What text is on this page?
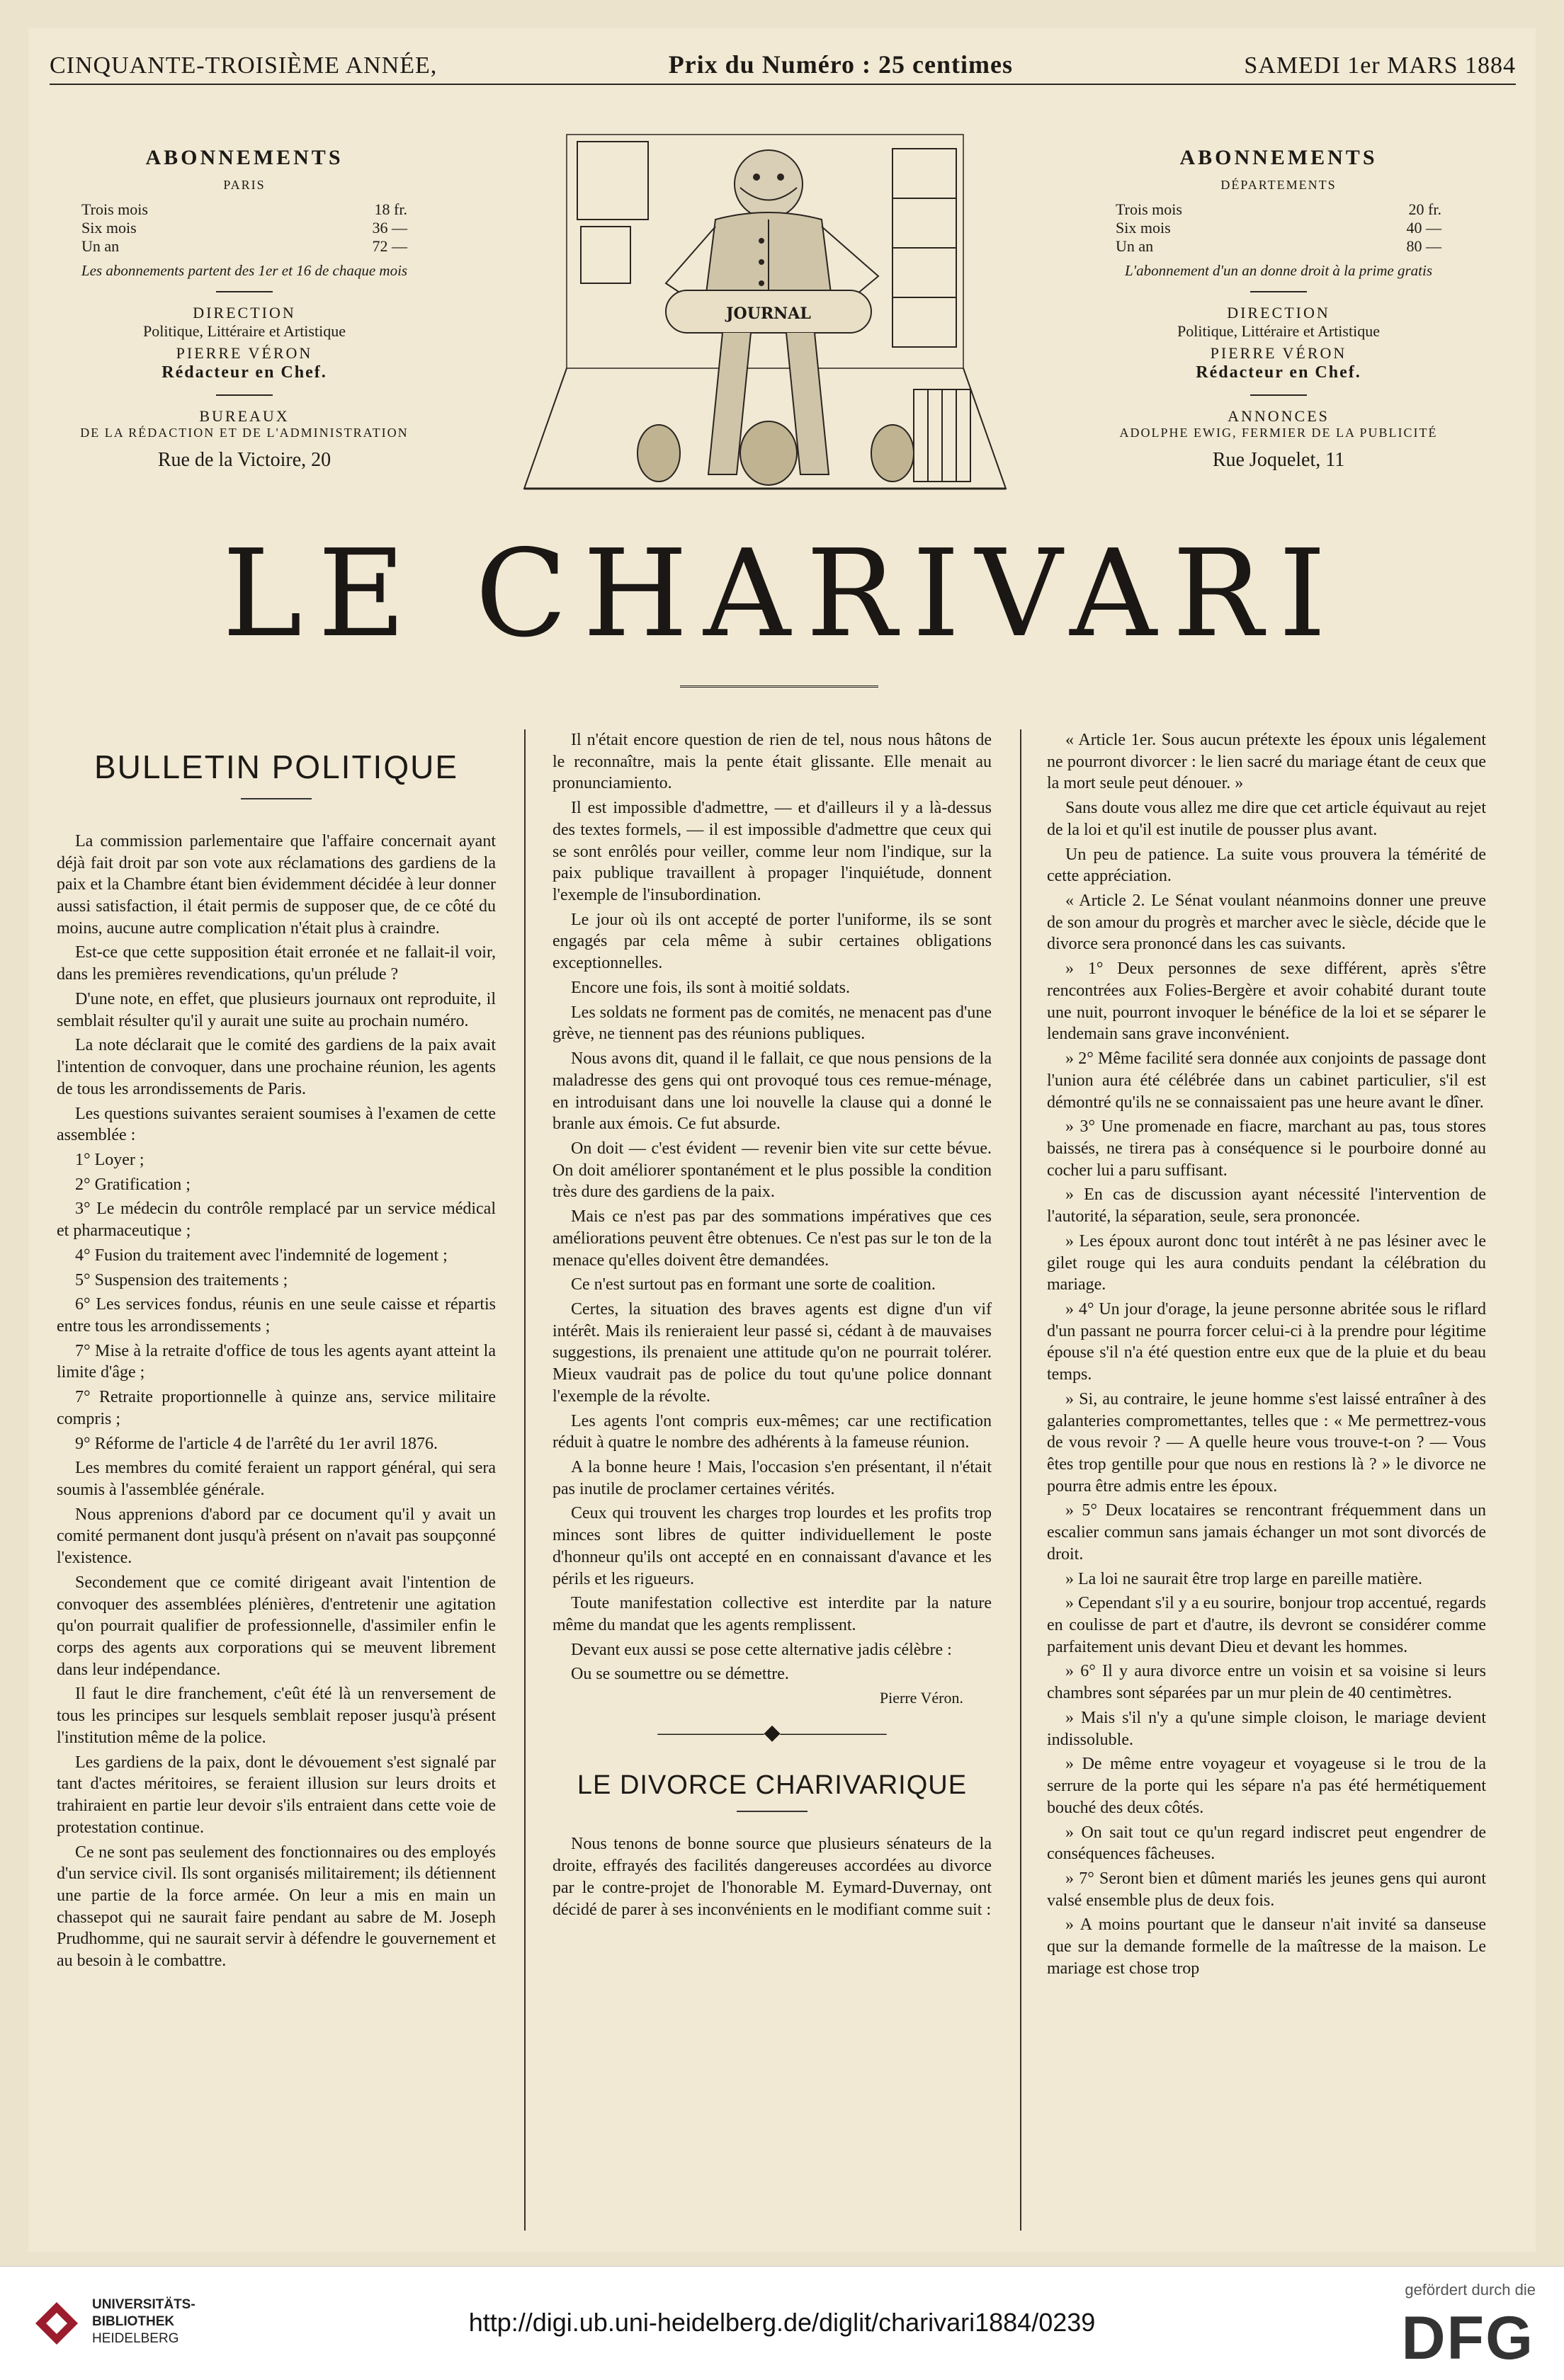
CINQUANTE-TROISIÈME ANNÉE,	Prix du Numéro : 25 centimes	SAMEDI 1er MARS 1884
ABONNEMENTS
PARIS
Trois mois	18 fr.
Six mois	36 —
Un an	72 —
Les abonnements partent des 1er et 16 de chaque mois
DIRECTION
Politique, Littéraire et Artistique
PIERRE VÉRON
Rédacteur en Chef.
BUREAUX
DE LA RÉDACTION ET DE L'ADMINISTRATION
Rue de la Victoire, 20
ABONNEMENTS
DÉPARTEMENTS
Trois mois	20 fr.
Six mois	40 —
Un an	80 —
L'abonnement d'un an donne droit à la prime gratis
DIRECTION
Politique, Littéraire et Artistique
PIERRE VÉRON
Rédacteur en Chef.
ANNONCES
ADOLPHE EWIG, FERMIER DE LA PUBLICITÉ
Rue Joquelet, 11
JOURNAL
LE CHARIVARI
BULLETIN POLITIQUE

La commission parlementaire que l'affaire concernait ayant déjà fait droit par son vote aux réclamations des gardiens de la paix et la Chambre étant bien évidemment décidée à leur donner aussi satisfaction, il était permis de supposer que, de ce côté du moins, aucune autre complication n'était plus à craindre.

Est-ce que cette supposition était erronée et ne fallait-il voir, dans les premières revendications, qu'un prélude ?

D'une note, en effet, que plusieurs journaux ont reproduite, il semblait résulter qu'il y aurait une suite au prochain numéro.

La note déclarait que le comité des gardiens de la paix avait l'intention de convoquer, dans une prochaine réunion, les agents de tous les arrondissements de Paris.

Les questions suivantes seraient soumises à l'examen de cette assemblée :

1° Loyer ;

2° Gratification ;

3° Le médecin du contrôle remplacé par un service médical et pharmaceutique ;

4° Fusion du traitement avec l'indemnité de logement ;

5° Suspension des traitements ;

6° Les services fondus, réunis en une seule caisse et répartis entre tous les arrondissements ;

7° Mise à la retraite d'office de tous les agents ayant atteint la limite d'âge ;

7° Retraite proportionnelle à quinze ans, service militaire compris ;

9° Réforme de l'article 4 de l'arrêté du 1er avril 1876.

Les membres du comité feraient un rapport général, qui sera soumis à l'assemblée générale.

Nous apprenions d'abord par ce document qu'il y avait un comité permanent dont jusqu'à présent on n'avait pas soupçonné l'existence.

Secondement que ce comité dirigeant avait l'intention de convoquer des assemblées plénières, d'entretenir une agitation qu'on pourrait qualifier de professionnelle, d'assimiler enfin le corps des agents aux corporations qui se meuvent librement dans leur indépendance.

Il faut le dire franchement, c'eût été là un renversement de tous les principes sur lesquels semblait reposer jusqu'à présent l'institution même de la police.

Les gardiens de la paix, dont le dévouement s'est signalé par tant d'actes méritoires, se feraient illusion sur leurs droits et trahiraient en partie leur devoir s'ils entraient dans cette voie de protestation continue.

Ce ne sont pas seulement des fonctionnaires ou des employés d'un service civil. Ils sont organisés militairement; ils détiennent une partie de la force armée. On leur a mis en main un chassepot qui ne saurait faire pendant au sabre de M. Joseph Prudhomme, qui ne saurait servir à défendre le gouvernement et au besoin à le combattre.

Il n'était encore question de rien de tel, nous nous hâtons de le reconnaître, mais la pente était glissante. Elle menait au pronunciamiento.

Il est impossible d'admettre, — et d'ailleurs il y a là-dessus des textes formels, — il est impossible d'admettre que ceux qui se sont enrôlés pour veiller, comme leur nom l'indique, sur la paix publique travaillent à propager l'inquiétude, donnent l'exemple de l'insubordination.

Le jour où ils ont accepté de porter l'uniforme, ils se sont engagés par cela même à subir certaines obligations exceptionnelles.

Encore une fois, ils sont à moitié soldats.

Les soldats ne forment pas de comités, ne menacent pas d'une grève, ne tiennent pas des réunions publiques.

Nous avons dit, quand il le fallait, ce que nous pensions de la maladresse des gens qui ont provoqué tous ces remue-ménage, en introduisant dans une loi nouvelle la clause qui a donné le branle aux émois. Ce fut absurde.

On doit — c'est évident — revenir bien vite sur cette bévue. On doit améliorer spontanément et le plus possible la condition très dure des gardiens de la paix.

Mais ce n'est pas par des sommations impératives que ces améliorations peuvent être obtenues. Ce n'est pas sur le ton de la menace qu'elles doivent être demandées.

Ce n'est surtout pas en formant une sorte de coalition.

Certes, la situation des braves agents est digne d'un vif intérêt. Mais ils renieraient leur passé si, cédant à de mauvaises suggestions, ils prenaient une attitude qu'on ne pourrait tolérer. Mieux vaudrait pas de police du tout qu'une police donnant l'exemple de la révolte.

Les agents l'ont compris eux-mêmes; car une rectification réduit à quatre le nombre des adhérents à la fameuse réunion.

A la bonne heure ! Mais, l'occasion s'en présentant, il n'était pas inutile de proclamer certaines vérités.

Ceux qui trouvent les charges trop lourdes et les profits trop minces sont libres de quitter individuellement le poste d'honneur qu'ils ont accepté en en connaissant d'avance et les périls et les rigueurs.

Toute manifestation collective est interdite par la nature même du mandat que les agents remplissent.

Devant eux aussi se pose cette alternative jadis célèbre :

Ou se soumettre ou se démettre.

Pierre Véron.
—————◆—————
LE DIVORCE CHARIVARIQUE

Nous tenons de bonne source que plusieurs sénateurs de la droite, effrayés des facilités dangereuses accordées au divorce par le contre-projet de l'honorable M. Eymard-Duvernay, ont décidé de parer à ses inconvénients en le modifiant comme suit :

« Article 1er. Sous aucun prétexte les époux unis légalement ne pourront divorcer : le lien sacré du mariage étant de ceux que la mort seule peut dénouer. »

Sans doute vous allez me dire que cet article équivaut au rejet de la loi et qu'il est inutile de pousser plus avant.

Un peu de patience. La suite vous prouvera la témérité de cette appréciation.

« Article 2. Le Sénat voulant néanmoins donner une preuve de son amour du progrès et marcher avec le siècle, décide que le divorce sera prononcé dans les cas suivants.

» 1° Deux personnes de sexe différent, après s'être rencontrées aux Folies-Bergère et avoir cohabité durant toute une nuit, pourront invoquer le bénéfice de la loi et se séparer le lendemain sans grave inconvénient.

» 2° Même facilité sera donnée aux conjoints de passage dont l'union aura été célébrée dans un cabinet particulier, s'il est démontré qu'ils ne se connaissaient pas une heure avant le dîner.

» 3° Une promenade en fiacre, marchant au pas, tous stores baissés, ne tirera pas à conséquence si le pourboire donné au cocher lui a paru suffisant.

» En cas de discussion ayant nécessité l'intervention de l'autorité, la séparation, seule, sera prononcée.

» Les époux auront donc tout intérêt à ne pas lésiner avec le gilet rouge qui les aura conduits pendant la célébration du mariage.

» 4° Un jour d'orage, la jeune personne abritée sous le riflard d'un passant ne pourra forcer celui-ci à la prendre pour légitime épouse s'il n'a été question entre eux que de la pluie et du beau temps.

» Si, au contraire, le jeune homme s'est laissé entraîner à des galanteries compromettantes, telles que : « Me permettrez-vous de vous revoir ? — A quelle heure vous trouve-t-on ? — Vous êtes trop gentille pour que nous en restions là ? » le divorce ne pourra être admis entre les époux.

» 5° Deux locataires se rencontrant fréquemment dans un escalier commun sans jamais échanger un mot sont divorcés de droit.

» La loi ne saurait être trop large en pareille matière.

» Cependant s'il y a eu sourire, bonjour trop accentué, regards en coulisse de part et d'autre, ils devront se considérer comme parfaitement unis devant Dieu et devant les hommes.

» 6° Il y aura divorce entre un voisin et sa voisine si leurs chambres sont séparées par un mur plein de 40 centimètres.

» Mais s'il n'y a qu'une simple cloison, le mariage devient indissoluble.

» De même entre voyageur et voyageuse si le trou de la serrure de la porte qui les sépare n'a pas été hermétiquement bouché des deux côtés.

» On sait tout ce qu'un regard indiscret peut engendrer de conséquences fâcheuses.

» 7° Seront bien et dûment mariés les jeunes gens qui auront valsé ensemble plus de deux fois.

» A moins pourtant que le danseur n'ait invité sa danseuse que sur la demande formelle de la maîtresse de la maison. Le mariage est chose trop

UNIVERSITÄTS-
BIBLIOTHEK
HEIDELBERG
http://digi.ub.uni-heidelberg.de/diglit/charivari1884/0239
gefördert durch die
DFG
